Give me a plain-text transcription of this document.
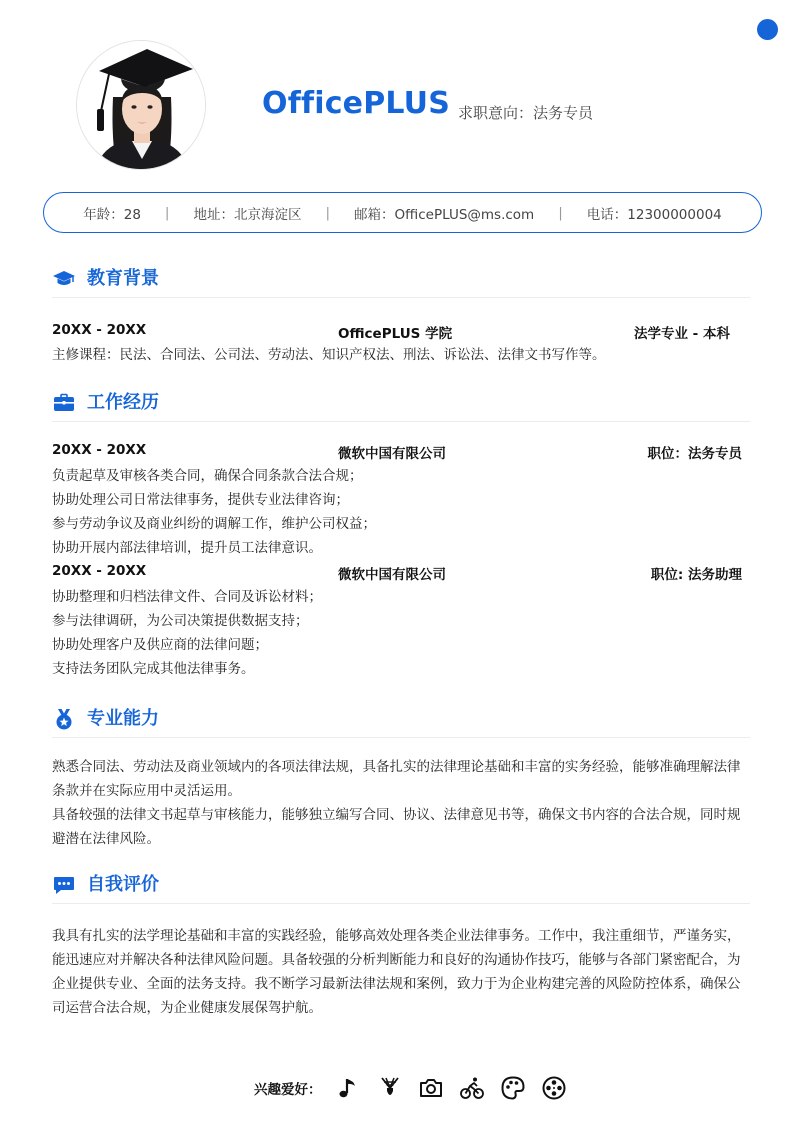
OfficePLUS 求职意向：法务专员
年龄：28 | 地址：北京海淀区 | 邮箱：OfficePLUS@ms.com | 电话：12300000004
教育背景
20XX - 20XX	OfficePLUS 学院	法学专业 - 本科
主修课程：民法、合同法、公司法、劳动法、知识产权法、刑法、诉讼法、法律文书写作等。
工作经历
20XX - 20XX	微软中国有限公司	职位：法务专员
负责起草及审核各类合同，确保合同条款合法合规；
协助处理公司日常法律事务，提供专业法律咨询；
参与劳动争议及商业纠纷的调解工作，维护公司权益；
协助开展内部法律培训，提升员工法律意识。
20XX - 20XX	微软中国有限公司	职位: 法务助理
协助整理和归档法律文件、合同及诉讼材料；
参与法律调研，为公司决策提供数据支持；
协助处理客户及供应商的法律问题；
支持法务团队完成其他法律事务。
专业能力
熟悉合同法、劳动法及商业领域内的各项法律法规，具备扎实的法律理论基础和丰富的实务经验，能够准确理解法律条款并在实际应用中灵活运用。
具备较强的法律文书起草与审核能力，能够独立编写合同、协议、法律意见书等，确保文书内容的合法合规，同时规避潜在法律风险。
自我评价
我具有扎实的法学理论基础和丰富的实践经验，能够高效处理各类企业法律事务。工作中，我注重细节，严谨务实，能迅速应对并解决各种法律风险问题。具备较强的分析判断能力和良好的沟通协作技巧，能够与各部门紧密配合，为企业提供专业、全面的法务支持。我不断学习最新法律法规和案例，致力于为企业构建完善的风险防控体系，确保公司运营合法合规，为企业健康发展保驾护航。
兴趣爱好：
